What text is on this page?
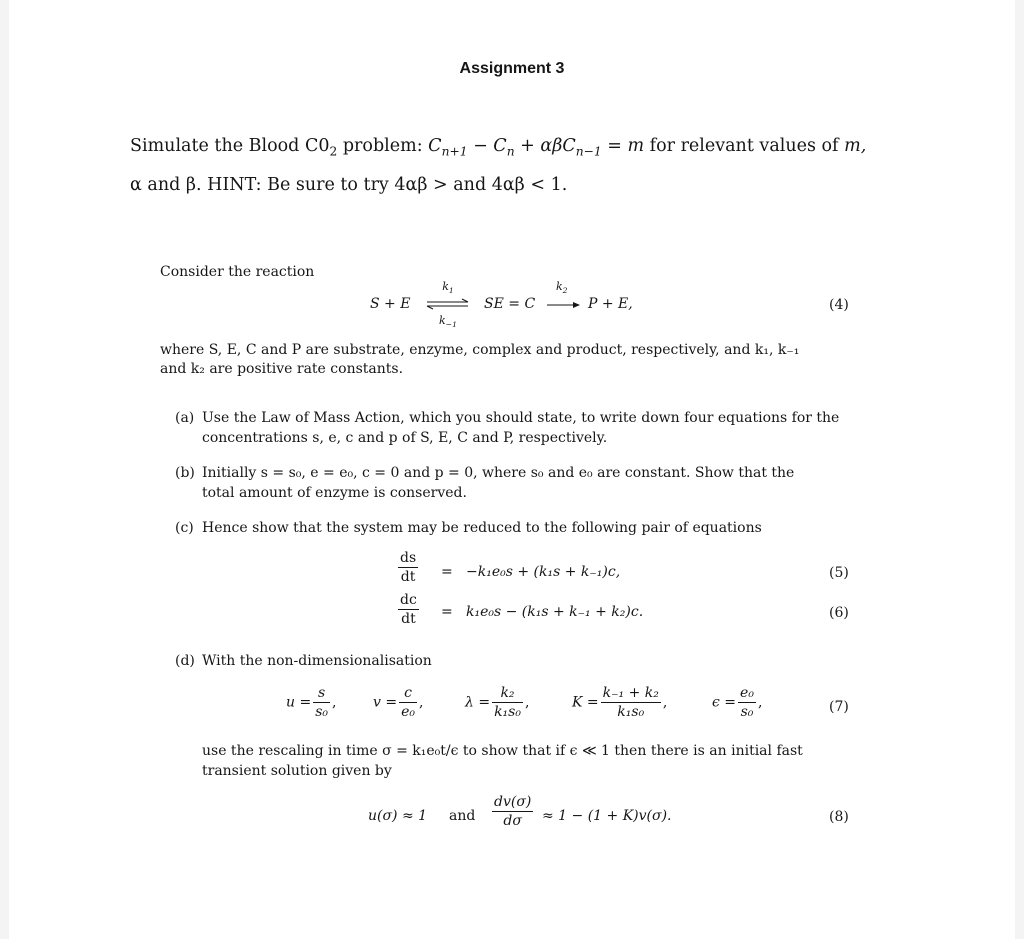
Assignment 3
Simulate the Blood $C0_2$ problem: $C_{n+1} - C_n + \alpha\beta C_{n-1} = m$ for relevant values of m,
α and β. HINT: Be sure to try 4αβ > and 4αβ < 1.
Consider the reaction
S + E
$k_1$
$k_{-1}$
SE = C
$k_2$
P + E,	(4)
where S, E, C and P are substrate, enzyme, complex and product, respectively, and k₁, k₋₁
and k₂ are positive rate constants.
(a) Use the Law of Mass Action, which you should state, to write down four equations for the
concentrations s, e, c and p of S, E, C and P, respectively.
(b) Initially s = s₀, e = e₀, c = 0 and p = 0, where s₀ and e₀ are constant. Show that the
total amount of enzyme is conserved.
(c) Hence show that the system may be reduced to the following pair of equations
$\frac{ds}{dt} = -k_1e_0s + (k_1s + k_{-1})c$,	(5)
$\frac{dc}{dt} = k_1e_0s - (k_1s + k_{-1} + k_2)c$.	(6)
(d) With the non-dimensionalisation
$u = \frac{s}{\text{s₀}}$ ,	$v = \frac{c}{\text{e₀}}$ ,	$\lambda = \frac{\text{k₂}}{\text{k₁s₀}}$ ,	$K = \frac{\text{k₋₁ + k₂}}{\text{k₁s₀}}$ ,	$\epsilon = \frac{\text{e₀}}{\text{s₀}}$ ,	(7)
use the rescaling in time σ = k₁e₀t/ϵ to show that if ϵ ≪ 1 then there is an initial fast
transient solution given by
u(σ) ≈ 1 and $\frac{dv(\sigma)}{d\sigma} \approx 1 - (1 + K)v(\sigma)$.	(8)
